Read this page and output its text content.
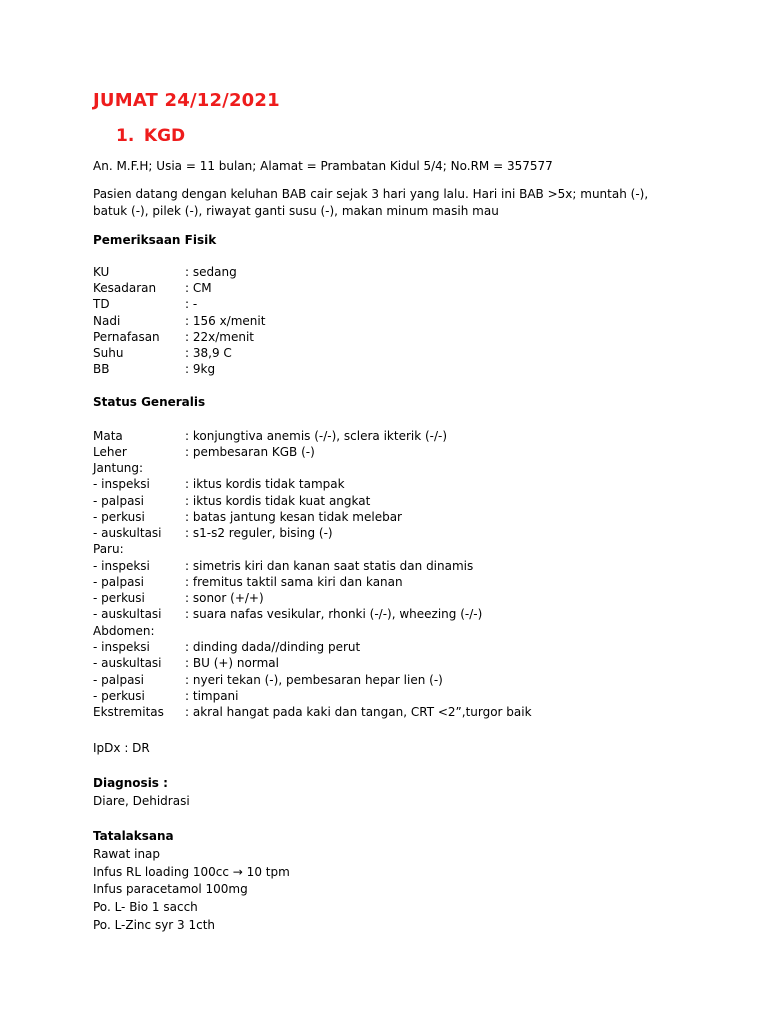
JUMAT 24/12/2021
1. KGD
An. M.F.H; Usia = 11 bulan; Alamat = Prambatan Kidul 5/4; No.RM = 357577
Pasien datang dengan keluhan BAB cair sejak 3 hari yang lalu. Hari ini BAB >5x; muntah (-), batuk (-), pilek (-), riwayat ganti susu (-), makan minum masih mau
Pemeriksaan Fisik
KU	: sedang
Kesadaran : CM
TD	: -
Nadi	: 156 x/menit
Pernafasan : 22x/menit
Suhu	: 38,9 C
BB	: 9kg
Status Generalis
Mata	: konjungtiva anemis (-/-), sclera ikterik (-/-)
Leher	: pembesaran KGB (-)
Jantung:
- inspeksi	: iktus kordis tidak tampak
- palpasi	: iktus kordis tidak kuat angkat
- perkusi	: batas jantung kesan tidak melebar
- auskultasi : s1-s2 reguler, bising (-)
Paru:
- inspeksi	: simetris kiri dan kanan saat statis dan dinamis
- palpasi	: fremitus taktil sama kiri dan kanan
- perkusi	: sonor (+/+)
- auskultasi : suara nafas vesikular, rhonki (-/-), wheezing (-/-)
Abdomen:
- inspeksi	: dinding dada//dinding perut
- auskultasi : BU (+) normal
- palpasi	: nyeri tekan (-), pembesaran hepar lien (-)
- perkusi	: timpani
Ekstremitas : akral hangat pada kaki dan tangan, CRT <2”,turgor baik
IpDx : DR
Diagnosis :
Diare, Dehidrasi
Tatalaksana
Rawat inap
Infus RL loading 100cc → 10 tpm
Infus paracetamol 100mg
Po. L- Bio 1 sacch
Po. L-Zinc syr 3 1cth
